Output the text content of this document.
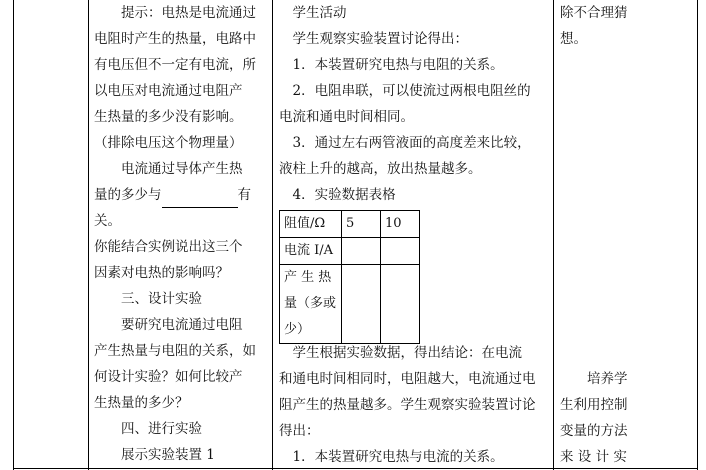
　　提示：电热是电流通过

电阻时产生的热量，电路中

有电压但不一定有电流，所

以电压对电流通过电阻产

生热量的多少没有影响。

（排除电压这个物理量）

　　电流通过导体产生热

量的多少与	有

关。

你能结合实例说出这三个

因素对电热的影响吗？

　　三、设计实验

　　要研究电流通过电阻

产生热量与电阻的关系，如

何设计实验？如何比较产

生热量的多少？

　　四、进行实验

　　展示实验装置 1

　学生活动

　学生观察实验装置讨论得出：

　1．本装置研究电热与电阻的关系。

　2．电阻串联，可以使流过两根电阻丝的

电流和通电时间相同。

　3．通过左右两管液面的高度差来比较，

液柱上升的越高，放出热量越多。

　4．实验数据表格

阻值/Ω	5	10
电流 I/A		

产 生 热
量（多或
少）		

　学生根据实验数据，得出结论：在电流

和通电时间相同时，电阻越大，电流通过电

阻产生的热量越多。学生观察实验装置讨论

得出：

　1．本装置研究电热与电流的关系。

除不合理猜

想。

　　培养学

生利用控制

变量的方法

来 设 计 实
